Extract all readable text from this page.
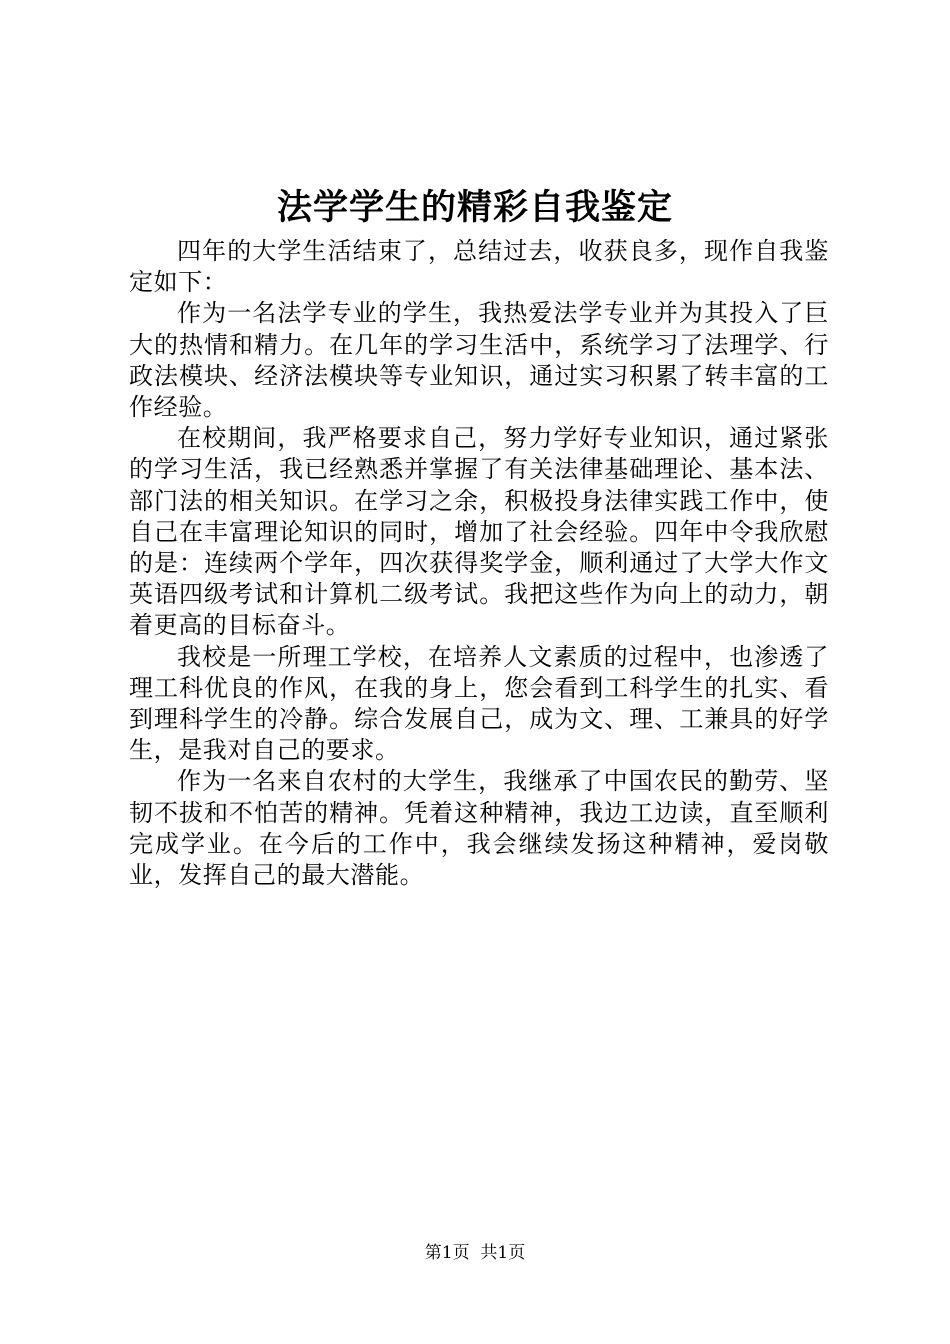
法学学生的精彩自我鉴定

四年的大学生活结束了，总结过去，收获良多，现作自我鉴定如下：

作为一名法学专业的学生，我热爱法学专业并为其投入了巨大的热情和精力。在几年的学习生活中，系统学习了法理学、行政法模块、经济法模块等专业知识，通过实习积累了转丰富的工作经验。

在校期间，我严格要求自己，努力学好专业知识，通过紧张的学习生活，我已经熟悉并掌握了有关法律基础理论、基本法、部门法的相关知识。在学习之余，积极投身法律实践工作中，使自己在丰富理论知识的同时，增加了社会经验。四年中令我欣慰的是：连续两个学年，四次获得奖学金，顺利通过了大学大作文英语四级考试和计算机二级考试。我把这些作为向上的动力，朝着更高的目标奋斗。

我校是一所理工学校，在培养人文素质的过程中，也渗透了理工科优良的作风，在我的身上，您会看到工科学生的扎实、看到理科学生的冷静。综合发展自己，成为文、理、工兼具的好学生，是我对自己的要求。

作为一名来自农村的大学生，我继承了中国农民的勤劳、坚韧不拔和不怕苦的精神。凭着这种精神，我边工边读，直至顺利完成学业。在今后的工作中，我会继续发扬这种精神，爱岗敬业，发挥自己的最大潜能。

第1页 共1页
